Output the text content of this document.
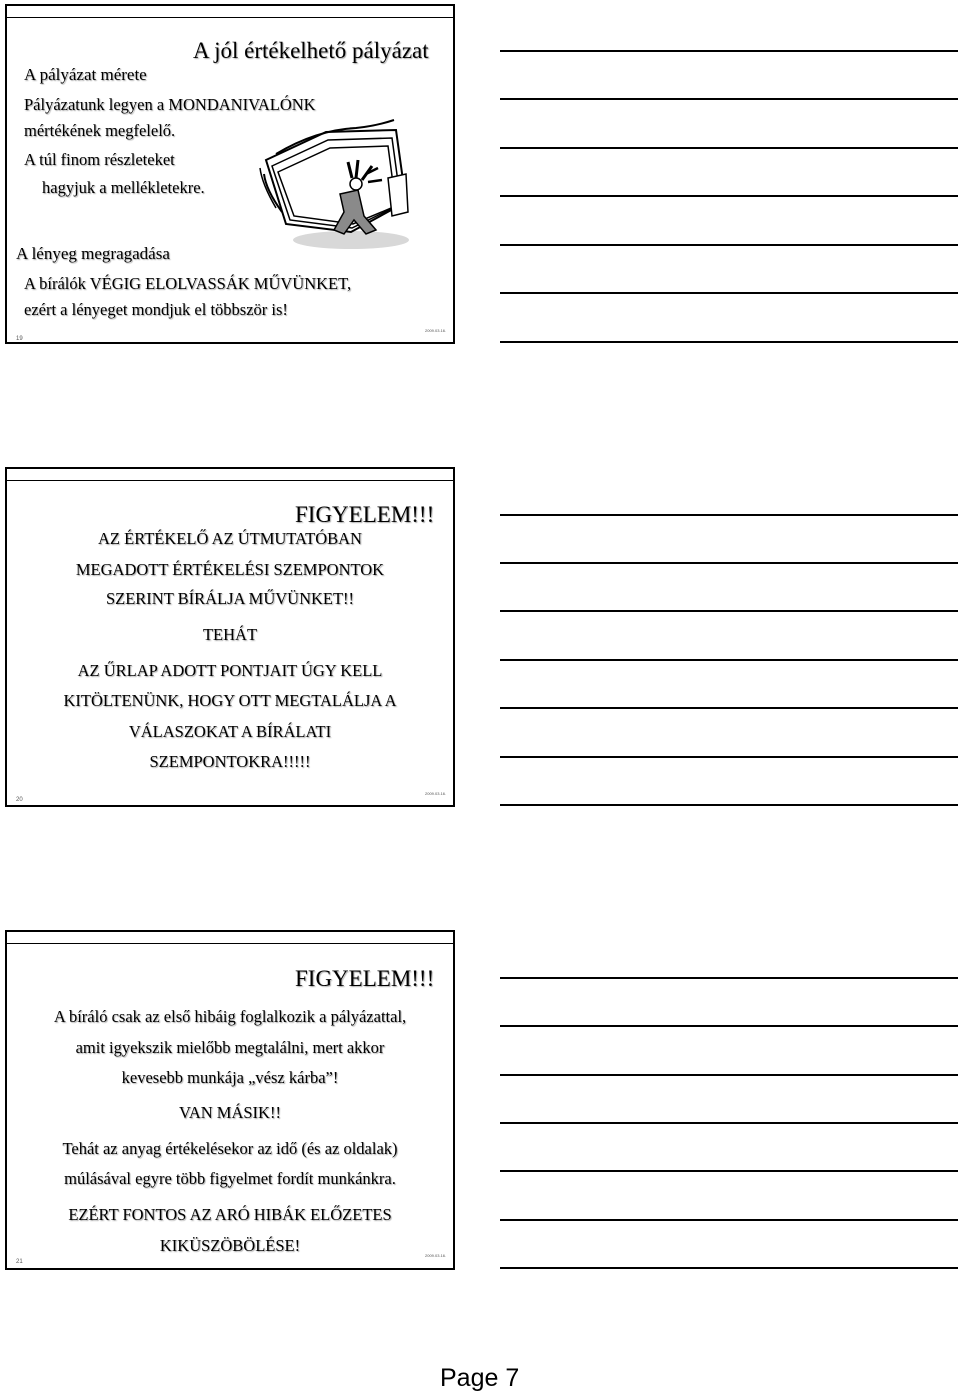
A jól értékelhető pályázat
A pályázat mérete
Pályázatunk legyen a MONDANIVALÓNK
mértékének megfelelő.
A túl finom részleteket
hagyjuk a mellékletekre.
A lényeg megragadása
A bírálók VÉGIG ELOLVASSÁK MŰVÜNKET,
ezért a lényeget mondjuk el többször is!
19
2009.03.16.
FIGYELEM!!!
AZ ÉRTÉKELŐ AZ ÚTMUTATÓBAN
MEGADOTT ÉRTÉKELÉSI SZEMPONTOK
SZERINT BÍRÁLJA MŰVÜNKET!!
TEHÁT
AZ ŰRLAP ADOTT PONTJAIT ÚGY KELL
KITÖLTENÜNK, HOGY OTT MEGTALÁLJA A
VÁLASZOKAT A BÍRÁLATI
SZEMPONTOKRA!!!!!
20
2009.03.16.
FIGYELEM!!!
A bíráló csak az első hibáig foglalkozik a pályázattal,
amit igyekszik mielőbb megtalálni, mert akkor
kevesebb munkája „vész kárba”!
VAN MÁSIK!!
Tehát az anyag értékelésekor az idő (és az oldalak)
múlásával egyre több figyelmet fordít munkánkra.
EZÉRT FONTOS AZ ARÓ HIBÁK ELŐZETES
KIKÜSZÖBÖLÉSE!
21
2009.03.16.
Page 7
